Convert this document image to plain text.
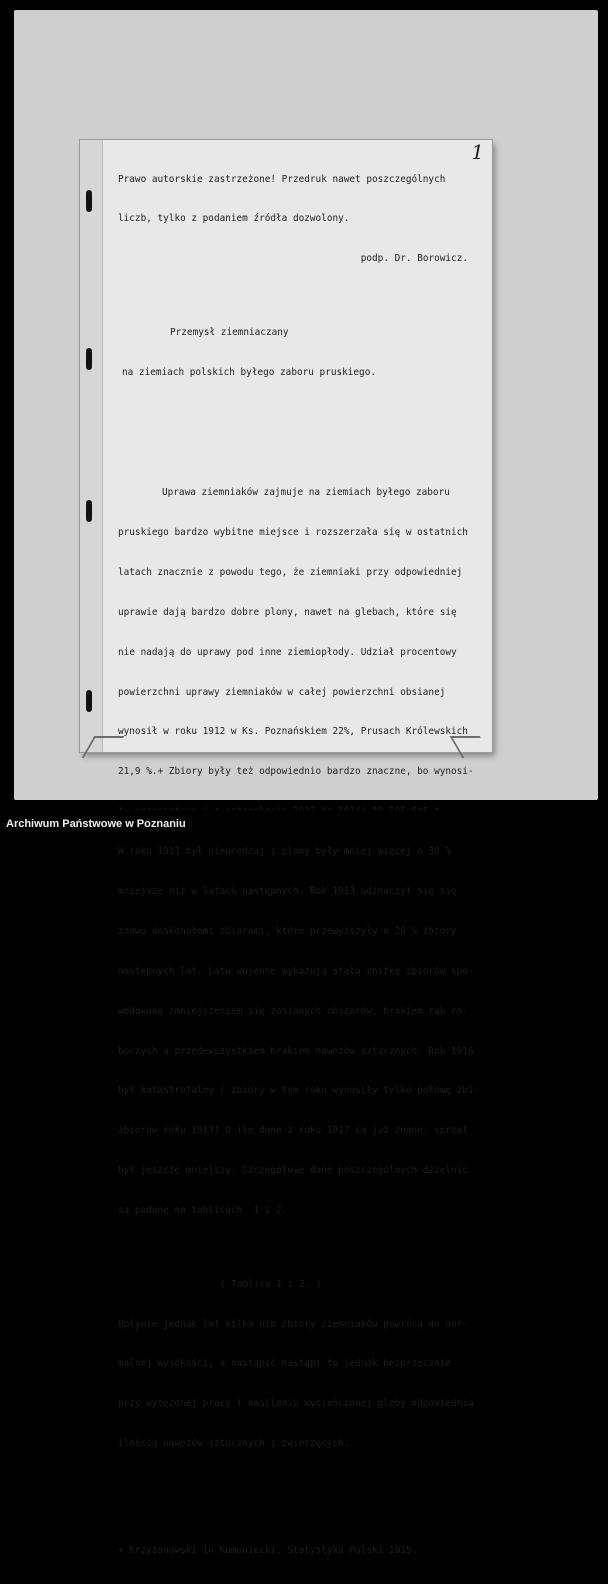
1

Prawo autorskie zastrzeżone! Przedruk nawet poszczególnych

liczb, tylko z podaniem źródła dozwolony.

podp. Dr. Borowicz.

Przemysł ziemniaczany

na ziemiach polskich byłego zaboru pruskiego.

Uprawa ziemniaków zajmuje na ziemiach byłego zaboru

pruskiego bardzo wybitne miejsce i rozszerzała się w ostatnich

latach znacznie z powodu tego, że ziemniaki przy odpowiedniej

uprawie dają bardzo dobre plony, nawet na glebach, które się

nie nadają do uprawy pod inne ziemiopłody. Udział procentowy

powierzchni uprawy ziemniaków w całej powierzchni obsianej

wynosił w roku 1912 w Ks. Poznańskiem 22%, Prusach Królewskich

21,9 %.+ Zbiory były też odpowiednio bardzo znaczne, bo wynosi-

W roku 1911 był nieurodzaj i plony były mniej więcej o 30 %

mniejsze niż w latach następnych. Rok 1913 odznaczył się się

znowu doskonałemi zbiorami, które przewyższyły o 20 % zbiory

następnych lat. Lata wojenne wykazują stałą zniżkę zbiorów spo-

wodowaną zmniejszeniem się zasianych obszarów, brakiem rąk ro-

boczych a przedewszystkiem brakiem nawozów sztucznych. Rok 1916

był katastrofalny ( zbiory w tym roku wynosiły tylko połowę zbi-

zbiorów roku 1913) O ile dane z roku 1917 są już znane, sprzęt

był jeszcze mniejszy. Szczegółowe dane poszczególnych dzielnic

są podane na tablicach  1 i 2.

( Tablica 1 i 2. )

Upłynie jednak lat kilka nim zbiory ziemniaków powrócą do nor-

malnej wysokości, a nastąpić nastąpi to jednak bezprzecznie

przy wytężonej pracy i nasileniu wycieńczonej gleby odpowiednią

ilością nawozów sztucznych i zwierzęcych.

+ Krzyżanowski in Kumaniecki, Statystyka Polski 1915.

Archiwum Państwowe w Poznaniu
